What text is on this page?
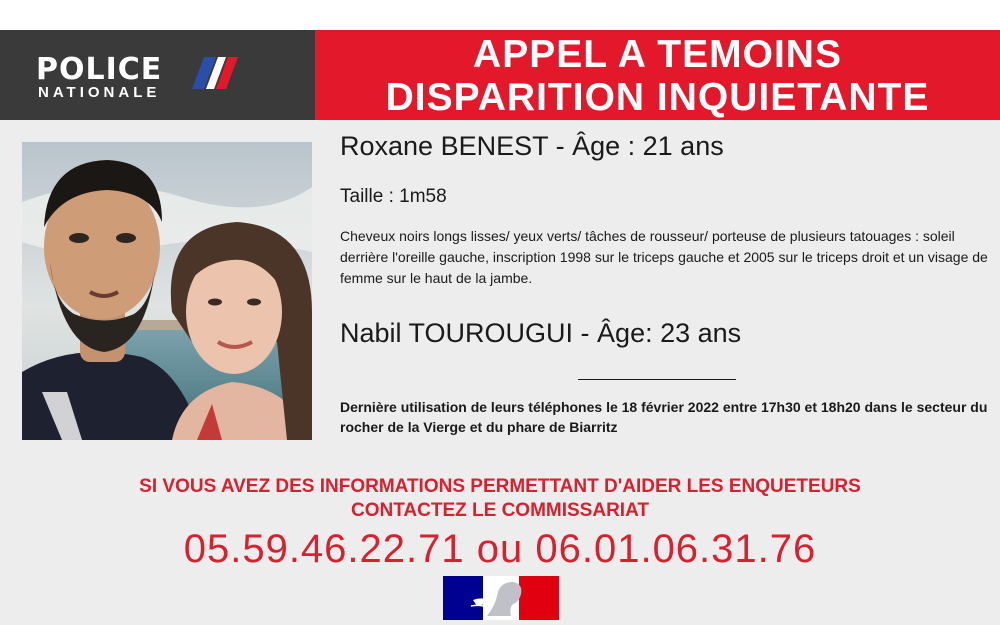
POLICE
NATIONALE
APPEL A TEMOINS
DISPARITION INQUIETANTE
Roxane BENEST - Âge : 21 ans
Taille : 1m58
Cheveux noirs longs lisses/ yeux verts/ tâches de rousseur/ porteuse de plusieurs tatouages : soleil derrière l'oreille gauche, inscription 1998 sur le triceps gauche et 2005 sur le triceps droit et un visage de femme sur le haut de la jambe.
Nabil TOUROUGUI - Âge: 23 ans
Dernière utilisation de leurs téléphones le 18 février 2022 entre 17h30 et 18h20 dans le secteur du rocher de la Vierge et du phare de Biarritz
SI VOUS AVEZ DES INFORMATIONS PERMETTANT D'AIDER LES ENQUETEURS
CONTACTEZ LE COMMISSARIAT
05.59.46.22.71 ou 06.01.06.31.76
